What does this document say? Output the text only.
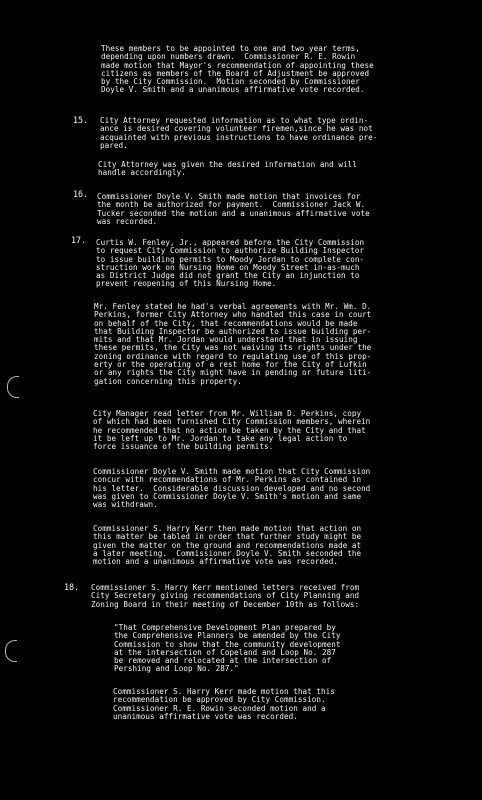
These members to be appointed to one and two year terms,
depending upon numbers drawn.  Commissioner R. E. Rowin
made motion that Mayor's recommendation of appointing these
citizens as members of the Board of Adjustment be approved
by the City Commission.  Motion seconded by Commissioner
Doyle V. Smith and a unanimous affirmative vote recorded.

15. City Attorney requested information as to what type ordin-
ance is desired covering volunteer firemen,since he was not
acquainted with previous instructions to have ordinance pre-
pared.

City Attorney was given the desired information and will
handle accordingly.

16. Commissioner Doyle V. Smith made motion that invoices for
the month be authorized for payment.  Commissioner Jack W.
Tucker seconded the motion and a unanimous affirmative vote
was recorded.

17. Curtis W. Fenley, Jr., appeared before the City Commission
to request City Commission to authorize Building Inspector
to issue building permits to Moody Jordan to complete con-
struction work on Nursing Home on Moody Street in-as-much
as District Judge did not grant the City an injunction to
prevent reopening of this Nursing Home.

Mr. Fenley stated he had's verbal agreements with Mr. Wm. D.
Perkins, former City Attorney who handled this case in court
on behalf of the City, that recommendations would be made
that Building Inspector be authorized to issue building per-
mits and that Mr. Jordan would understand that in issuing
these permits, the City was not waiving its rights under the
zoning ordinance with regard to regulating use of this prop-
erty or the operating of a rest home for the City of Lufkin
or any rights the City might have in pending or future liti-
gation concerning this property.

City Manager read letter from Mr. William D. Perkins, copy
of which had been furnished City Commission members, wherein
he recommended that no action be taken by the City and that
it be left up to Mr. Jordan to take any legal action to
force issuance of the building permits.

Commissioner Doyle V. Smith made motion that City Commission
concur with recommendations of Mr. Perkins as contained in
his letter.  Considerable discussion developed and no second
was given to Commissioner Doyle V. Smith's motion and same
was withdrawn.

Commissioner S. Harry Kerr then made motion that action on
this matter be tabled in order that further study might be
given the matter on the ground and recommendations made at
a later meeting.  Commissioner Doyle V. Smith seconded the
motion and a unanimous affirmative vote was recorded.

18. Commissioner S. Harry Kerr mentioned letters received from
City Secretary giving recommendations of City Planning and
Zoning Board in their meeting of December 10th as follows:

"That Comprehensive Development Plan prepared by
the Comprehensive Planners be amended by the City
Commission to show that the community development
at the intersection of Copeland and Loop No. 287
be removed and relocated at the intersection of
Pershing and Loop No. 287."

Commissioner S. Harry Kerr made motion that this
recommendation be approved by City Commission.
Commissioner R. E. Rowin seconded motion and a
unanimous affirmative vote was recorded.
